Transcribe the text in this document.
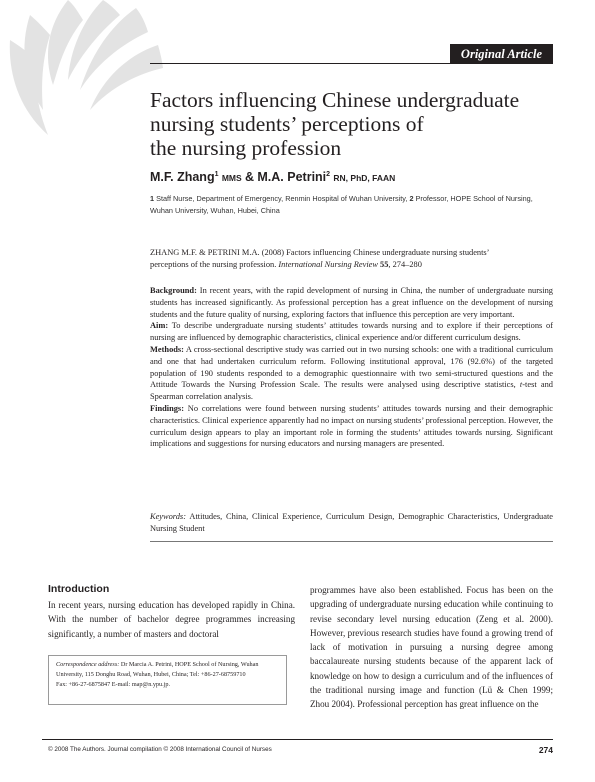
Original Article
Factors influencing Chinese undergraduate
nursing students’ perceptions of
the nursing profession
M.F. Zhang$^1$ MMS & M.A. Petrini$^2$ RN, PhD, FAAN
1 Staff Nurse, Department of Emergency, Renmin Hospital of Wuhan University, 2 Professor, HOPE School of Nursing,
Wuhan University, Wuhan, Hubei, China
ZHANG M.F. & PETRINI M.A. (2008) Factors influencing Chinese undergraduate nursing students’
perceptions of the nursing profession. International Nursing Review 55, 274–280

Background: In recent years, with the rapid development of nursing in China, the number of undergraduate nursing students has increased significantly. As professional perception has a great influence on the development of nursing students and the future quality of nursing, exploring factors that influence this perception are very important.

Aim: To describe undergraduate nursing students’ attitudes towards nursing and to explore if their perceptions of nursing are influenced by demographic characteristics, clinical experience and/or different curriculum designs.

Methods: A cross-sectional descriptive study was carried out in two nursing schools: one with a traditional curriculum and one that had undertaken curriculum reform. Following institutional approval, 176 (92.6%) of the targeted population of 190 students responded to a demographic questionnaire with two semi-structured questions and the Attitude Towards the Nursing Profession Scale. The results were analysed using descriptive statistics, t-test and Spearman correlation analysis.

Findings: No correlations were found between nursing students’ attitudes towards nursing and their demographic characteristics. Clinical experience apparently had no impact on nursing students’ professional perception. However, the curriculum design appears to play an important role in forming the students’ attitudes towards nursing. Significant implications and suggestions for nursing educators and nursing managers are presented.

Keywords: Attitudes, China, Clinical Experience, Curriculum Design, Demographic Characteristics, Undergraduate Nursing Student
Introduction

In recent years, nursing education has developed rapidly in China. With the number of bachelor degree programmes increasing significantly, a number of masters and doctoral

Correspondence address: Dr Marcia A. Petrini, HOPE School of Nursing, Wuhan
University, 115 Donghu Road, Wuhan, Hubei, China; Tel: +86-27-68759710
Fax: +86-27-6875847 E-mail: map@n.ypu.jp.

programmes have also been established. Focus has been on the upgrading of undergraduate nursing education while continuing to revise secondary level nursing education (Zeng et al. 2000). However, previous research studies have found a growing trend of lack of motivation in pursuing a nursing degree among baccalaureate nursing students because of the apparent lack of knowledge on how to design a curriculum and of the influences of the traditional nursing image and function (Lü & Chen 1999; Zhou 2004). Professional perception has great influence on the

© 2008 The Authors. Journal compilation © 2008 International Council of Nurses	274
